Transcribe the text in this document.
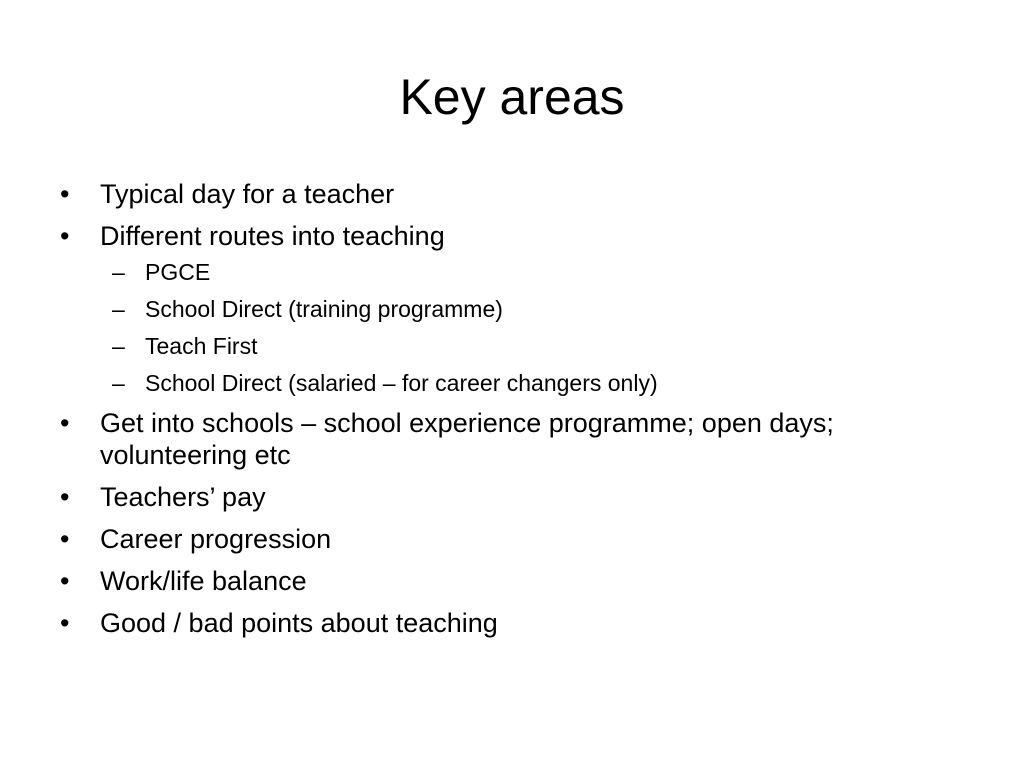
Key areas
•	Typical day for a teacher
•	Different routes into teaching
– PGCE
– School Direct (training programme)
– Teach First
– School Direct (salaried – for career changers only)
•	Get into schools – school experience programme; open days; volunteering etc
•	Teachers’ pay
•	Career progression
•	Work/life balance
•	Good / bad points about teaching
